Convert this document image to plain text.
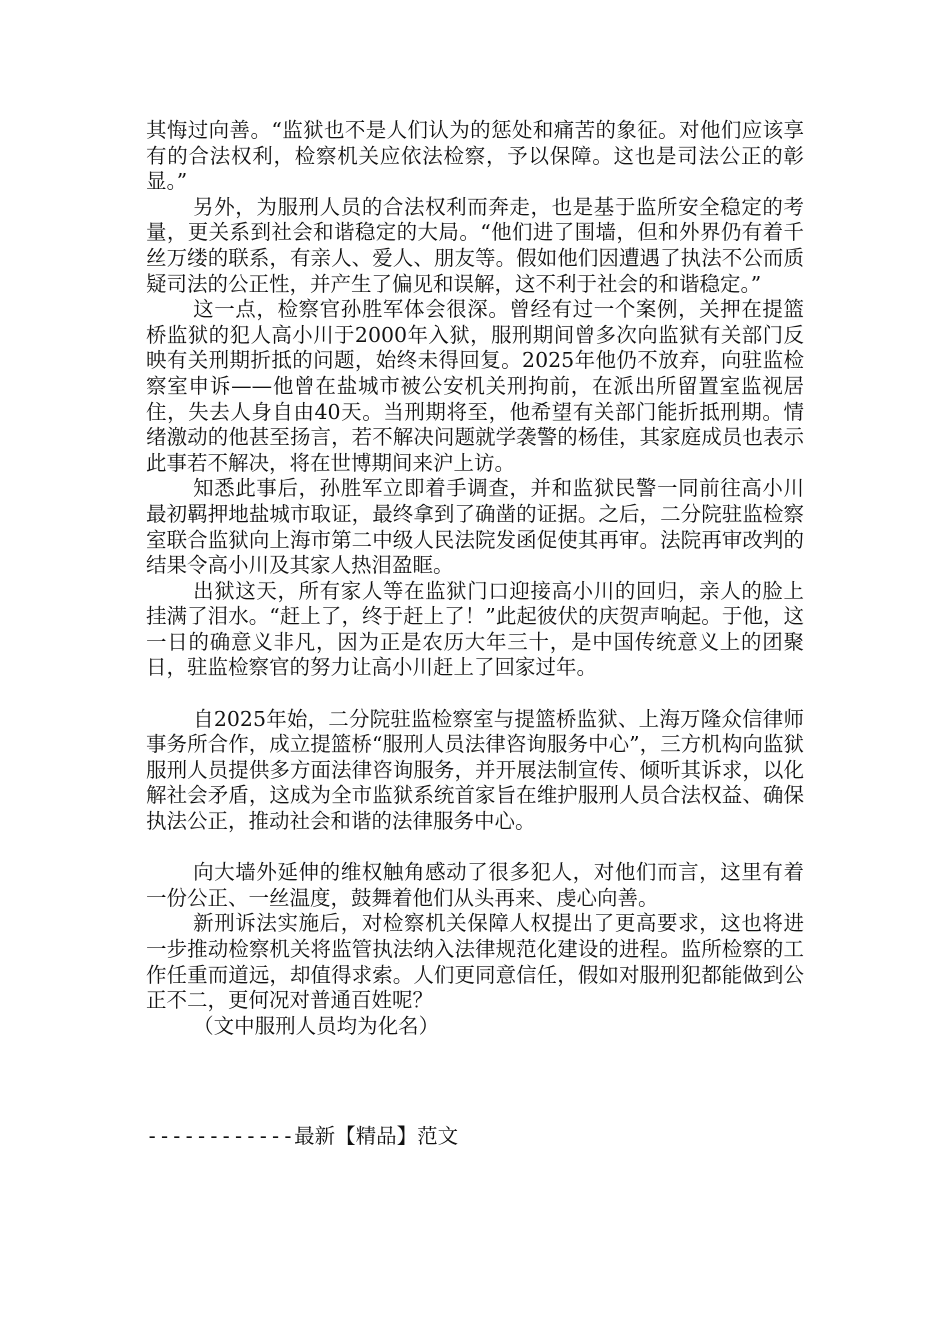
其悔过向善。“监狱也不是人们认为的惩处和痛苦的象征。对他们应该享有的合法权利，检察机关应依法检察，予以保障。这也是司法公正的彰显。”

另外，为服刑人员的合法权利而奔走，也是基于监所安全稳定的考量，更关系到社会和谐稳定的大局。“他们进了围墙，但和外界仍有着千丝万缕的联系，有亲人、爱人、朋友等。假如他们因遭遇了执法不公而质疑司法的公正性，并产生了偏见和误解，这不利于社会的和谐稳定。”

这一点，检察官孙胜军体会很深。曾经有过一个案例，关押在提篮桥监狱的犯人高小川于2000年入狱，服刑期间曾多次向监狱有关部门反映有关刑期折抵的问题，始终未得回复。2025年他仍不放弃，向驻监检察室申诉——他曾在盐城市被公安机关刑拘前，在派出所留置室监视居住，失去人身自由40天。当刑期将至，他希望有关部门能折抵刑期。情绪激动的他甚至扬言，若不解决问题就学袭警的杨佳，其家庭成员也表示此事若不解决，将在世博期间来沪上访。

知悉此事后，孙胜军立即着手调查，并和监狱民警一同前往高小川最初羁押地盐城市取证，最终拿到了确凿的证据。之后，二分院驻监检察室联合监狱向上海市第二中级人民法院发函促使其再审。法院再审改判的结果令高小川及其家人热泪盈眶。

出狱这天，所有家人等在监狱门口迎接高小川的回归，亲人的脸上挂满了泪水。“赶上了，终于赶上了！”此起彼伏的庆贺声响起。于他，这一日的确意义非凡，因为正是农历大年三十，是中国传统意义上的团聚日，驻监检察官的努力让高小川赶上了回家过年。

自2025年始，二分院驻监检察室与提篮桥监狱、上海万隆众信律师事务所合作，成立提篮桥“服刑人员法律咨询服务中心”，三方机构向监狱服刑人员提供多方面法律咨询服务，并开展法制宣传、倾听其诉求，以化解社会矛盾，这成为全市监狱系统首家旨在维护服刑人员合法权益、确保执法公正，推动社会和谐的法律服务中心。

向大墙外延伸的维权触角感动了很多犯人，对他们而言，这里有着一份公正、一丝温度，鼓舞着他们从头再来、虔心向善。

新刑诉法实施后，对检察机关保障人权提出了更高要求，这也将进一步推动检察机关将监管执法纳入法律规范化建设的进程。监所检察的工作任重而道远，却值得求索。人们更同意信任，假如对服刑犯都能做到公正不二，更何况对普通百姓呢？

（文中服刑人员均为化名）

------------最新【精品】范文
